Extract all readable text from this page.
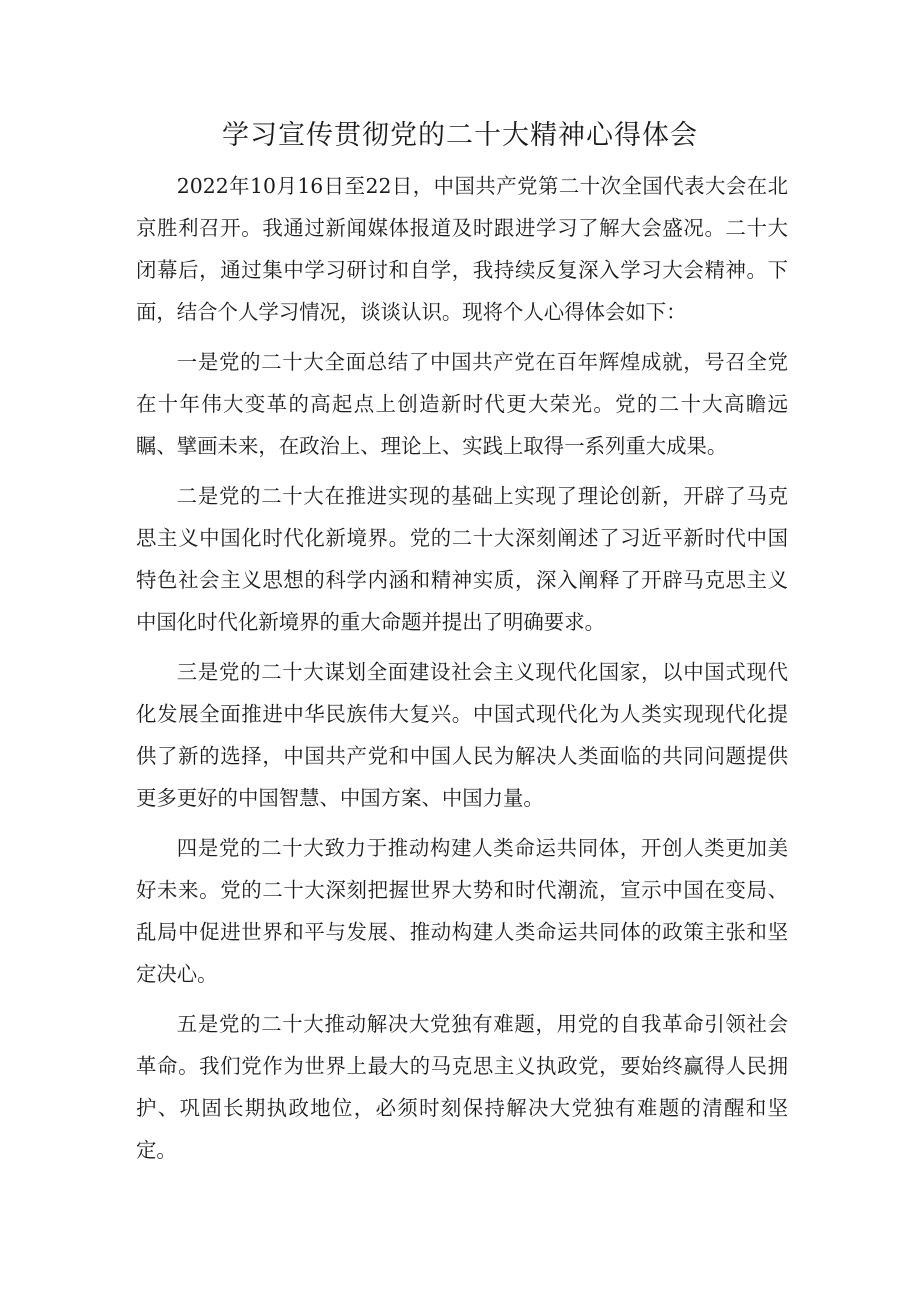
学习宣传贯彻党的二十大精神心得体会

2022年10月16日至22日，中国共产党第二十次全国代表大会在北京胜利召开。我通过新闻媒体报道及时跟进学习了解大会盛况。二十大闭幕后，通过集中学习研讨和自学，我持续反复深入学习大会精神。下面，结合个人学习情况，谈谈认识。现将个人心得体会如下：

一是党的二十大全面总结了中国共产党在百年辉煌成就，号召全党在十年伟大变革的高起点上创造新时代更大荣光。党的二十大高瞻远瞩、擘画未来，在政治上、理论上、实践上取得一系列重大成果。

二是党的二十大在推进实现的基础上实现了理论创新，开辟了马克思主义中国化时代化新境界。党的二十大深刻阐述了习近平新时代中国特色社会主义思想的科学内涵和精神实质，深入阐释了开辟马克思主义中国化时代化新境界的重大命题并提出了明确要求。

三是党的二十大谋划全面建设社会主义现代化国家，以中国式现代化发展全面推进中华民族伟大复兴。中国式现代化为人类实现现代化提供了新的选择，中国共产党和中国人民为解决人类面临的共同问题提供更多更好的中国智慧、中国方案、中国力量。

四是党的二十大致力于推动构建人类命运共同体，开创人类更加美好未来。党的二十大深刻把握世界大势和时代潮流，宣示中国在变局、乱局中促进世界和平与发展、推动构建人类命运共同体的政策主张和坚定决心。

五是党的二十大推动解决大党独有难题，用党的自我革命引领社会革命。我们党作为世界上最大的马克思主义执政党，要始终赢得人民拥护、巩固长期执政地位，必须时刻保持解决大党独有难题的清醒和坚定。
